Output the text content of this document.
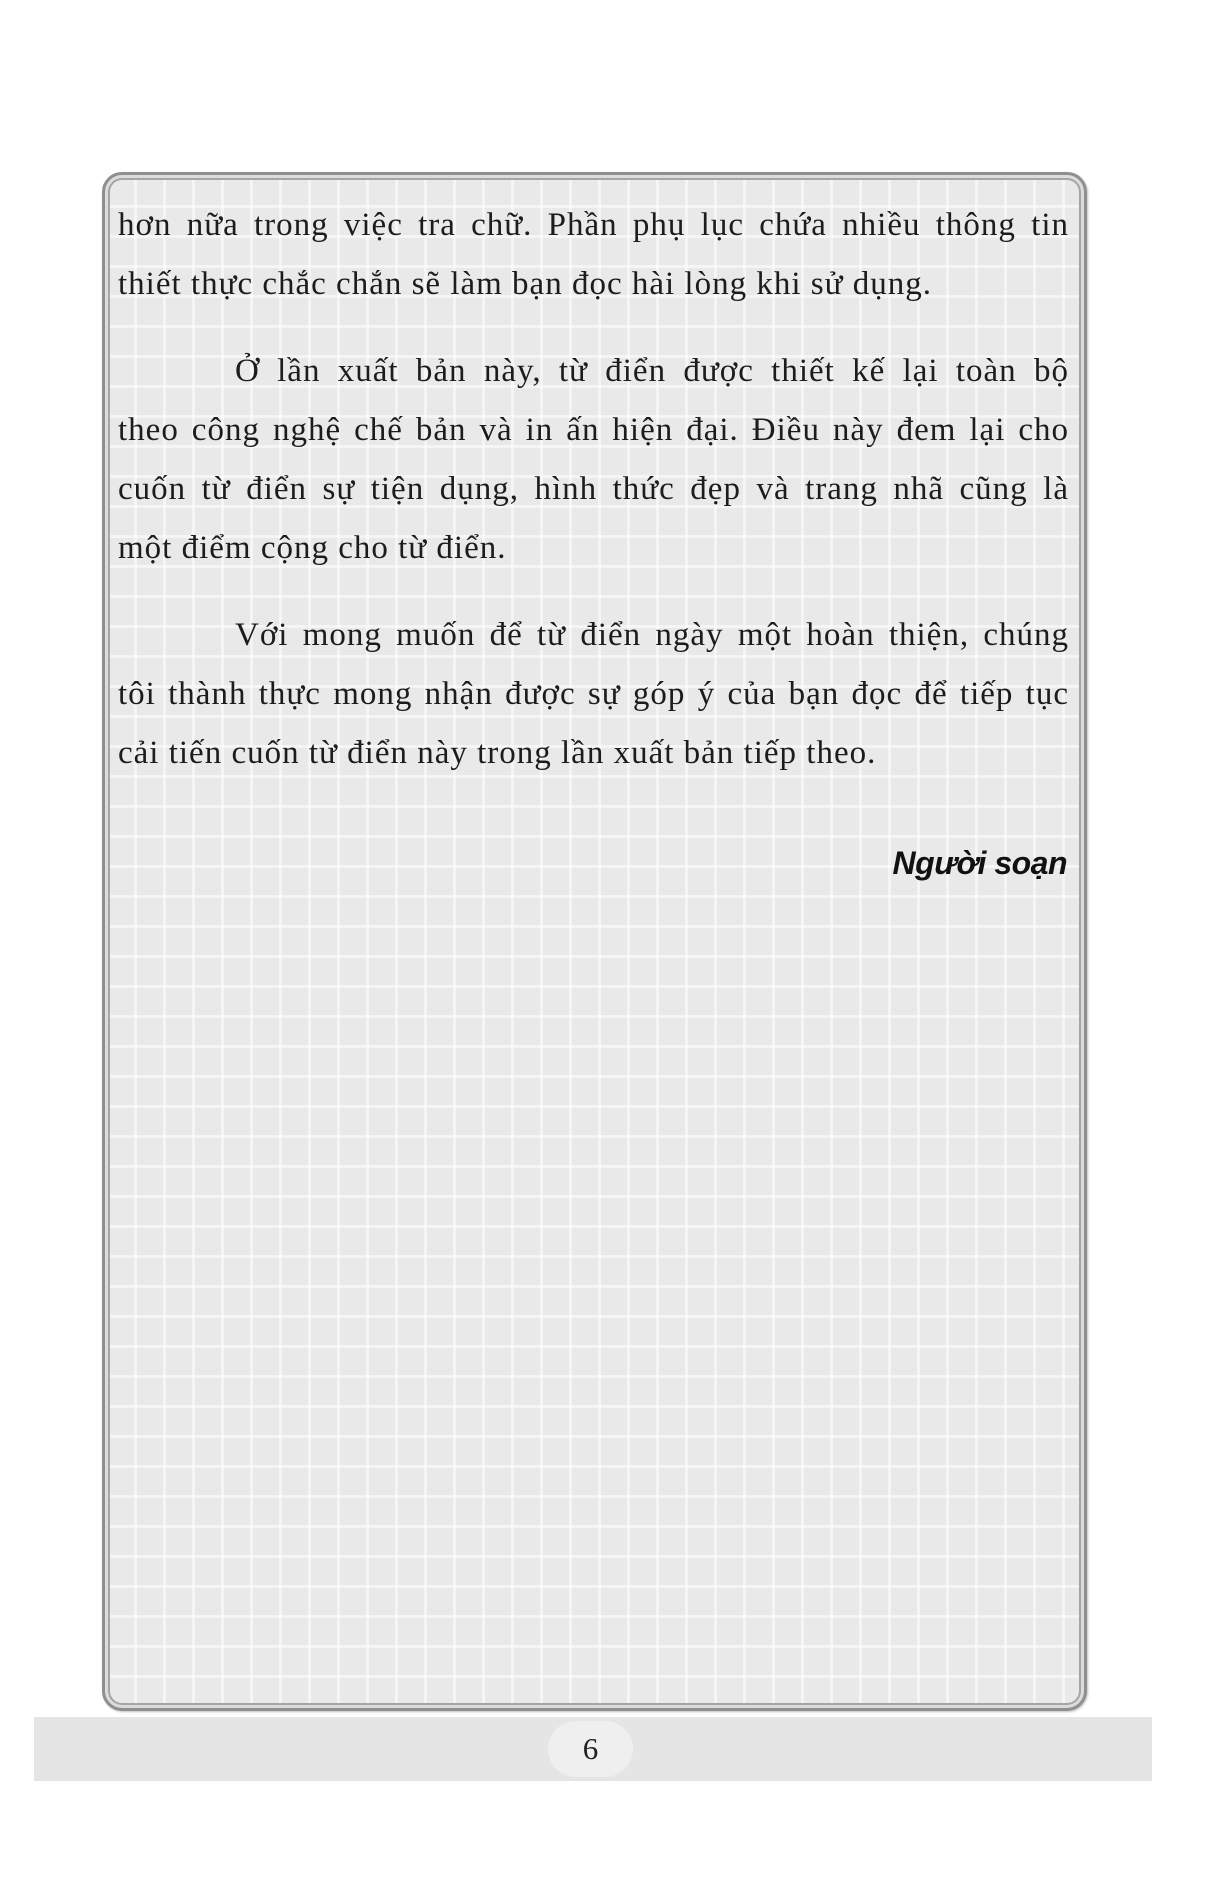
hơn nữa trong việc tra chữ. Phần phụ lục chứa nhiều thông tin
thiết thực chắc chắn sẽ làm bạn đọc hài lòng khi sử dụng.
Ở lần xuất bản này, từ điển được thiết kế lại toàn bộ
theo công nghệ chế bản và in ấn hiện đại. Điều này đem lại cho
cuốn từ điển sự tiện dụng, hình thức đẹp và trang nhã cũng là
một điểm cộng cho từ điển.
Với mong muốn để từ điển ngày một hoàn thiện, chúng
tôi thành thực mong nhận được sự góp ý của bạn đọc để tiếp tục
cải tiến cuốn từ điển này trong lần xuất bản tiếp theo.
Người soạn
6
